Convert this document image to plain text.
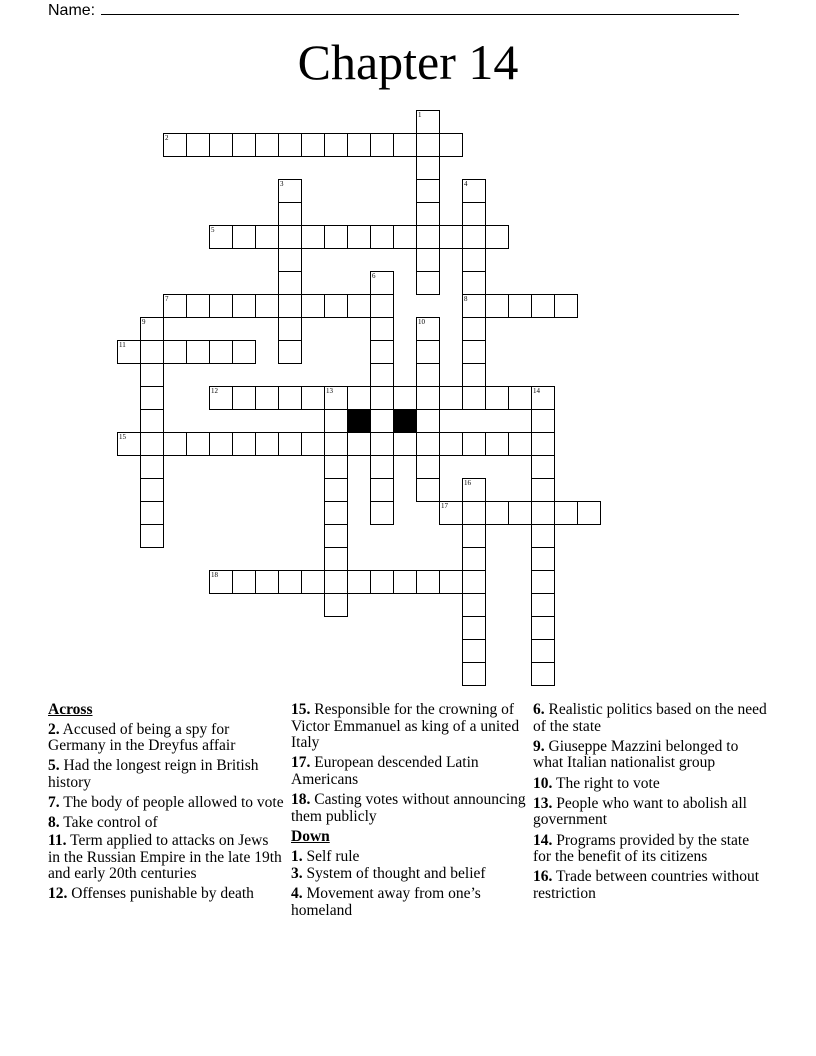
Name:
Chapter 14
2
5
7	8
11
12	13	14
15
17
18
1
3	4
6
9	10
16
Across
2. Accused of being a spy for Germany in the Dreyfus affair
5. Had the longest reign in British history
7. The body of people allowed to vote
8. Take control of
11. Term applied to attacks on Jews in the Russian Empire in the late 19th and early 20th centuries
12. Offenses punishable by death
15. Responsible for the crowning of Victor Emmanuel as king of a united Italy
17. European descended Latin Americans
18. Casting votes without announcing them publicly
Down
1. Self rule
3. System of thought and belief
4. Movement away from one’s homeland
6. Realistic politics based on the need of the state
9. Giuseppe Mazzini belonged to what Italian nationalist group
10. The right to vote
13. People who want to abolish all government
14. Programs provided by the state for the benefit of its citizens
16. Trade between countries without restriction
